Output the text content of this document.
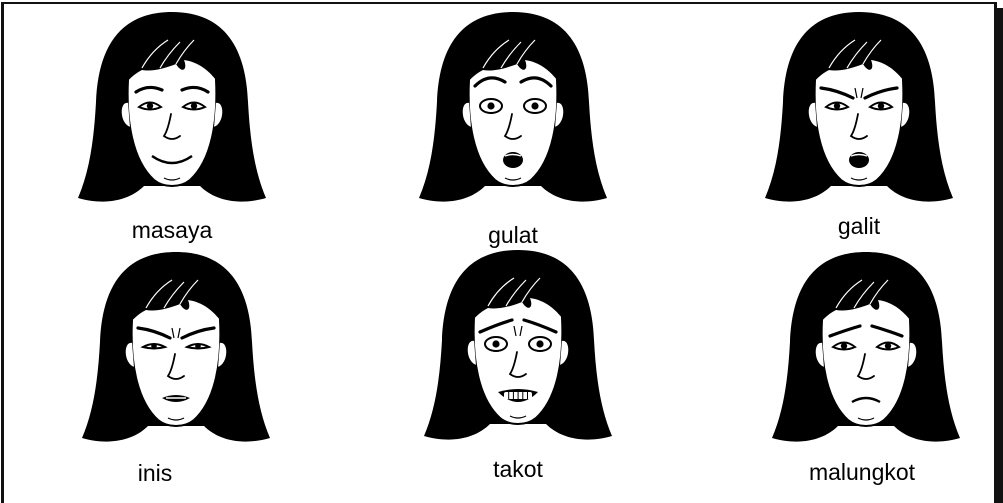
masaya	gulat	galit
inis	takot	malungkot
